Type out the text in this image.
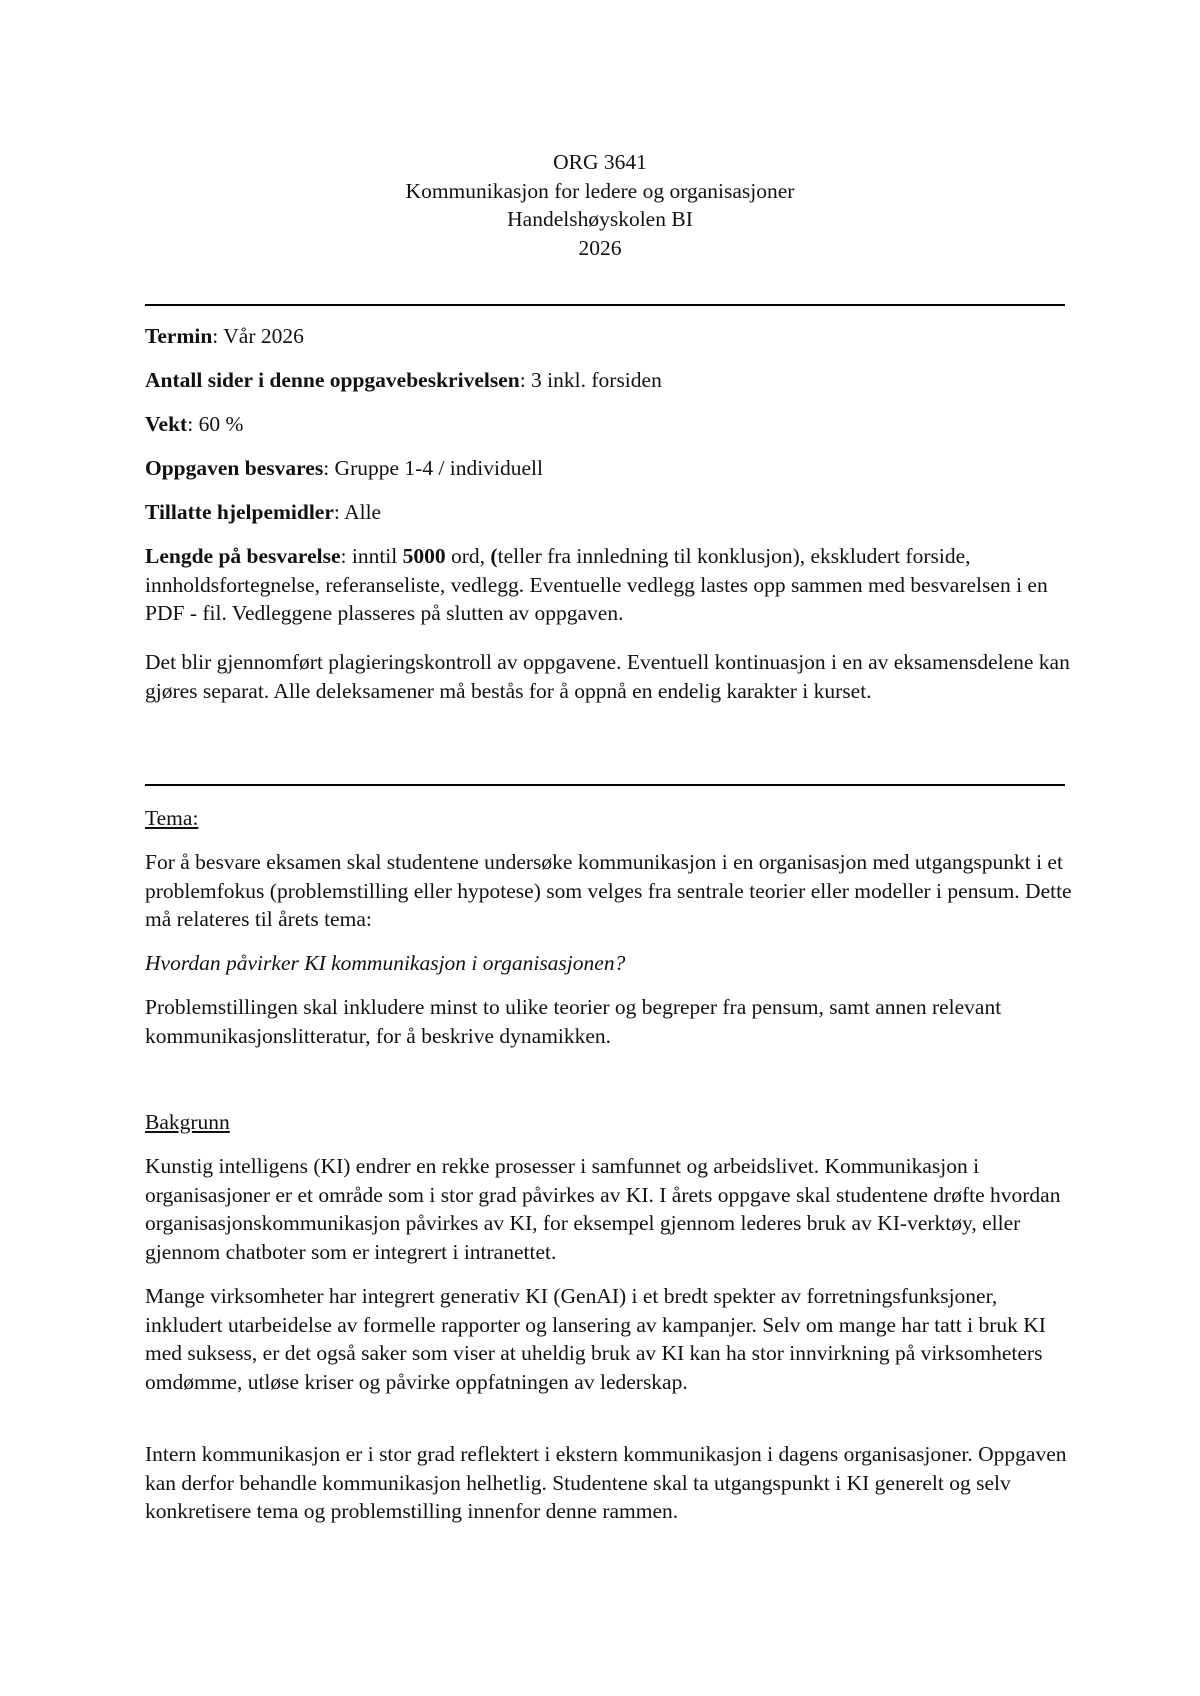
ORG 3641
Kommunikasjon for ledere og organisasjoner
Handelshøyskolen BI
2026

Termin: Vår 2026

Antall sider i denne oppgavebeskrivelsen: 3 inkl. forsiden

Vekt: 60 %

Oppgaven besvares: Gruppe 1-4 / individuell

Tillatte hjelpemidler: Alle

Lengde på besvarelse: inntil 5000 ord, (teller fra innledning til konklusjon), ekskludert forside, innholdsfortegnelse, referanseliste, vedlegg. Eventuelle vedlegg lastes opp sammen med besvarelsen i en PDF - fil. Vedleggene plasseres på slutten av oppgaven.

Det blir gjennomført plagieringskontroll av oppgavene. Eventuell kontinuasjon i en av eksamensdelene kan gjøres separat. Alle deleksamener må bestås for å oppnå en endelig karakter i kurset.

Tema:

For å besvare eksamen skal studentene undersøke kommunikasjon i en organisasjon med utgangspunkt i et problemfokus (problemstilling eller hypotese) som velges fra sentrale teorier eller modeller i pensum. Dette må relateres til årets tema:

Hvordan påvirker KI kommunikasjon i organisasjonen?

Problemstillingen skal inkludere minst to ulike teorier og begreper fra pensum, samt annen relevant kommunikasjonslitteratur, for å beskrive dynamikken.

Bakgrunn

Kunstig intelligens (KI) endrer en rekke prosesser i samfunnet og arbeidslivet. Kommunikasjon i organisasjoner er et område som i stor grad påvirkes av KI. I årets oppgave skal studentene drøfte hvordan organisasjonskommunikasjon påvirkes av KI, for eksempel gjennom lederes bruk av KI-verktøy, eller gjennom chatboter som er integrert i intranettet.

Mange virksomheter har integrert generativ KI (GenAI) i et bredt spekter av forretningsfunksjoner, inkludert utarbeidelse av formelle rapporter og lansering av kampanjer. Selv om mange har tatt i bruk KI med suksess, er det også saker som viser at uheldig bruk av KI kan ha stor innvirkning på virksomheters omdømme, utløse kriser og påvirke oppfatningen av lederskap.

Intern kommunikasjon er i stor grad reflektert i ekstern kommunikasjon i dagens organisasjoner. Oppgaven kan derfor behandle kommunikasjon helhetlig. Studentene skal ta utgangspunkt i KI generelt og selv konkretisere tema og problemstilling innenfor denne rammen.
